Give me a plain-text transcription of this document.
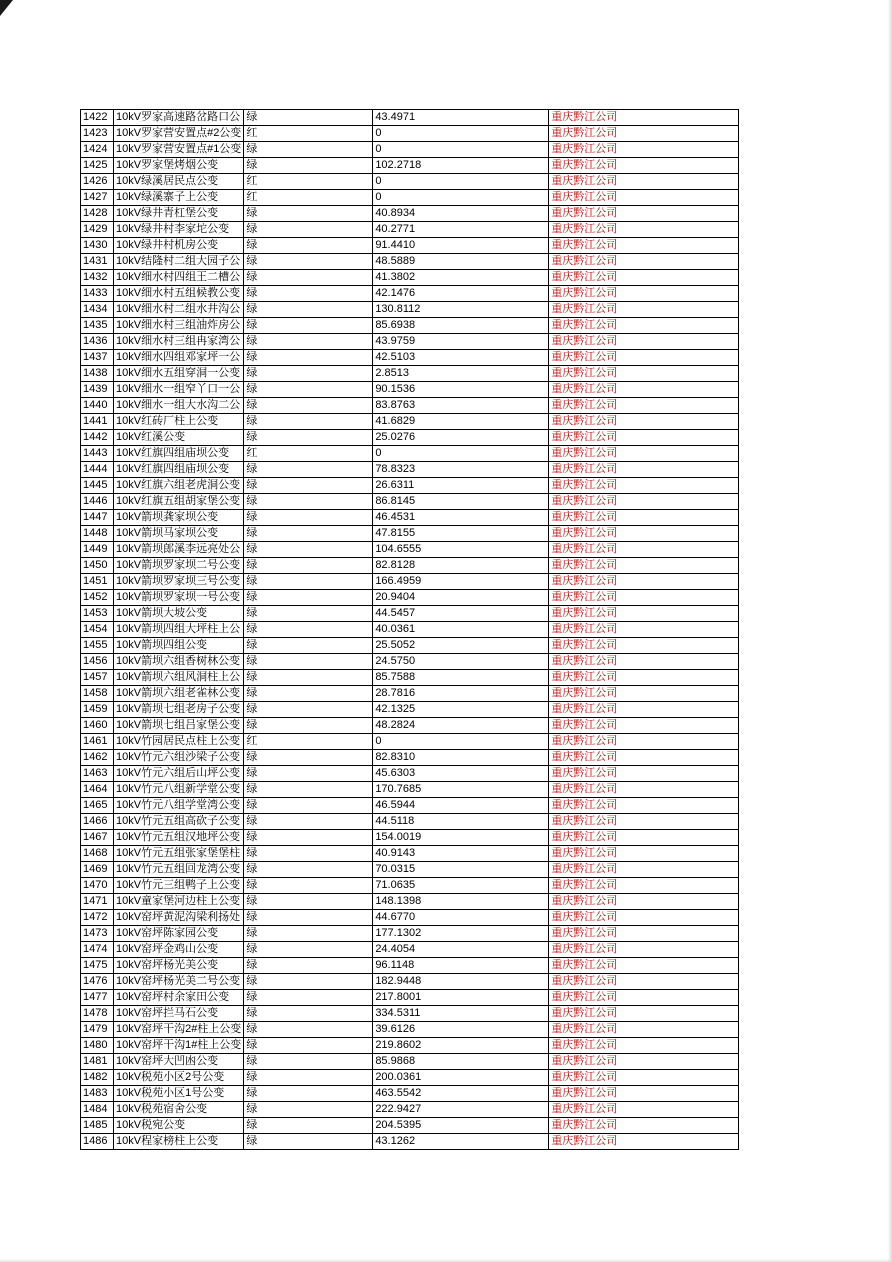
1422	10kV罗家高速路岔路口公	绿	43.4971	重庆黔江公司
1423	10kV罗家营安置点#2公变	红	0	重庆黔江公司
1424	10kV罗家营安置点#1公变	绿	0	重庆黔江公司
1425	10kV罗家堡烤烟公变	绿	102.2718	重庆黔江公司
1426	10kV绿溪居民点公变	红	0	重庆黔江公司
1427	10kV绿溪寨子上公变	红	0	重庆黔江公司
1428	10kV绿井青杠堡公变	绿	40.8934	重庆黔江公司
1429	10kV绿井村李家坨公变	绿	40.2771	重庆黔江公司
1430	10kV绿井村机房公变	绿	91.4410	重庆黔江公司
1431	10kV结隆村二组大园子公	绿	48.5889	重庆黔江公司
1432	10kV细水村四组王二槽公	绿	41.3802	重庆黔江公司
1433	10kV细水村五组候教公变	绿	42.1476	重庆黔江公司
1434	10kV细水村二组水井沟公	绿	130.8112	重庆黔江公司
1435	10kV细水村三组油炸房公	绿	85.6938	重庆黔江公司
1436	10kV细水村三组冉家湾公	绿	43.9759	重庆黔江公司
1437	10kV细水四组邓家坪一公	绿	42.5103	重庆黔江公司
1438	10kV细水五组穿洞一公变	绿	2.8513	重庆黔江公司
1439	10kV细水一组窄丫口一公	绿	90.1536	重庆黔江公司
1440	10kV细水一组大水沟二公	绿	83.8763	重庆黔江公司
1441	10kV红砖厂柱上公变	绿	41.6829	重庆黔江公司
1442	10kV红溪公变	绿	25.0276	重庆黔江公司
1443	10kV红旗四组庙坝公变	红	0	重庆黔江公司
1444	10kV红旗四组庙坝公变	绿	78.8323	重庆黔江公司
1445	10kV红旗六组老虎洞公变	绿	26.6311	重庆黔江公司
1446	10kV红旗五组胡家堡公变	绿	86.8145	重庆黔江公司
1447	10kV箭坝龚家坝公变	绿	46.4531	重庆黔江公司
1448	10kV箭坝马家坝公变	绿	47.8155	重庆黔江公司
1449	10kV箭坝郎溪李远亮处公	绿	104.6555	重庆黔江公司
1450	10kV箭坝罗家坝二号公变	绿	82.8128	重庆黔江公司
1451	10kV箭坝罗家坝三号公变	绿	166.4959	重庆黔江公司
1452	10kV箭坝罗家坝一号公变	绿	20.9404	重庆黔江公司
1453	10kV箭坝大坡公变	绿	44.5457	重庆黔江公司
1454	10kV箭坝四组大坪柱上公	绿	40.0361	重庆黔江公司
1455	10kV箭坝四组公变	绿	25.5052	重庆黔江公司
1456	10kV箭坝六组香树林公变	绿	24.5750	重庆黔江公司
1457	10kV箭坝六组风洞柱上公	绿	85.7588	重庆黔江公司
1458	10kV箭坝六组老雀林公变	绿	28.7816	重庆黔江公司
1459	10kV箭坝七组老房子公变	绿	42.1325	重庆黔江公司
1460	10kV箭坝七组吕家堡公变	绿	48.2824	重庆黔江公司
1461	10kV竹园居民点柱上公变	红	0	重庆黔江公司
1462	10kV竹元六组沙梁子公变	绿	82.8310	重庆黔江公司
1463	10kV竹元六组后山坪公变	绿	45.6303	重庆黔江公司
1464	10kV竹元八组新学堂公变	绿	170.7685	重庆黔江公司
1465	10kV竹元八组学堂湾公变	绿	46.5944	重庆黔江公司
1466	10kV竹元五组高砍子公变	绿	44.5118	重庆黔江公司
1467	10kV竹元五组汉地坪公变	绿	154.0019	重庆黔江公司
1468	10kV竹元五组张家堡堡柱	绿	40.9143	重庆黔江公司
1469	10kV竹元五组回龙湾公变	绿	70.0315	重庆黔江公司
1470	10kV竹元三组鸭子上公变	绿	71.0635	重庆黔江公司
1471	10kV童家堡河边柱上公变	绿	148.1398	重庆黔江公司
1472	10kV窑坪黄泥沟梁利扬处	绿	44.6770	重庆黔江公司
1473	10kV窑坪陈家园公变	绿	177.1302	重庆黔江公司
1474	10kV窑坪金鸡山公变	绿	24.4054	重庆黔江公司
1475	10kV窑坪杨光美公变	绿	96.1148	重庆黔江公司
1476	10kV窑坪杨光美二号公变	绿	182.9448	重庆黔江公司
1477	10kV窑坪村余家田公变	绿	217.8001	重庆黔江公司
1478	10kV窑坪拦马石公变	绿	334.5311	重庆黔江公司
1479	10kV窑坪干沟2#柱上公变	绿	39.6126	重庆黔江公司
1480	10kV窑坪干沟1#柱上公变	绿	219.8602	重庆黔江公司
1481	10kV窑坪大凹凼公变	绿	85.9868	重庆黔江公司
1482	10kV税苑小区2号公变	绿	200.0361	重庆黔江公司
1483	10kV税苑小区1号公变	绿	463.5542	重庆黔江公司
1484	10kV税苑宿舍公变	绿	222.9427	重庆黔江公司
1485	10kV税宛公变	绿	204.5395	重庆黔江公司
1486	10kV程家榜柱上公变	绿	43.1262	重庆黔江公司
